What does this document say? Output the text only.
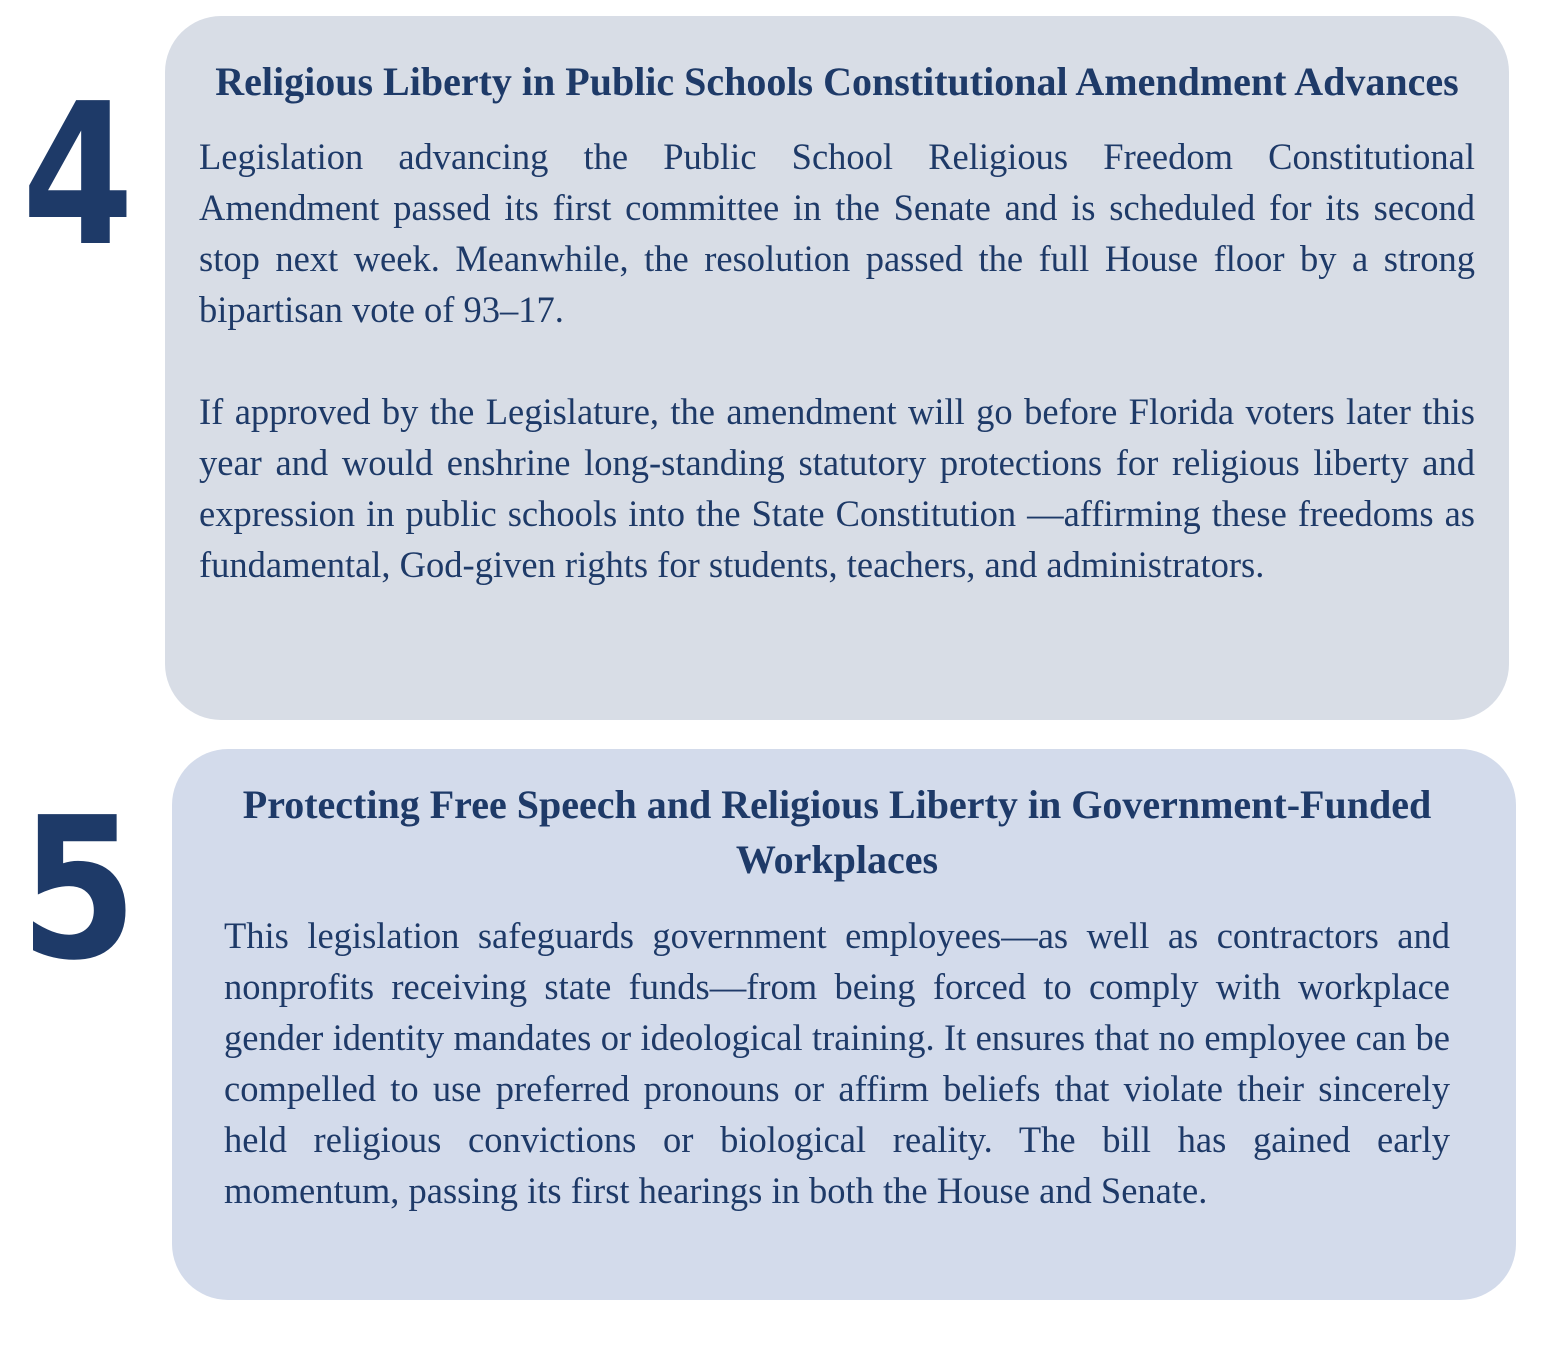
4	Religious Liberty in Public Schools Constitutional Amendment Advances

Legislation advancing the Public School Religious Freedom Constitutional Amendment passed its first committee in the Senate and is scheduled for its second stop next week. Meanwhile, the resolution passed the full House floor by a strong bipartisan vote of 93–17.

If approved by the Legislature, the amendment will go before Florida voters later this year and would enshrine long-standing statutory protections for religious liberty and expression in public schools into the State Constitution —affirming these freedoms as fundamental, God-given rights for students, teachers, and administrators.

5	Protecting Free Speech and Religious Liberty in Government-Funded Workplaces

This legislation safeguards government employees—as well as contractors and nonprofits receiving state funds—from being forced to comply with workplace gender identity mandates or ideological training. It ensures that no employee can be compelled to use preferred pronouns or affirm beliefs that violate their sincerely held religious convictions or biological reality. The bill has gained early momentum, passing its first hearings in both the House and Senate.
